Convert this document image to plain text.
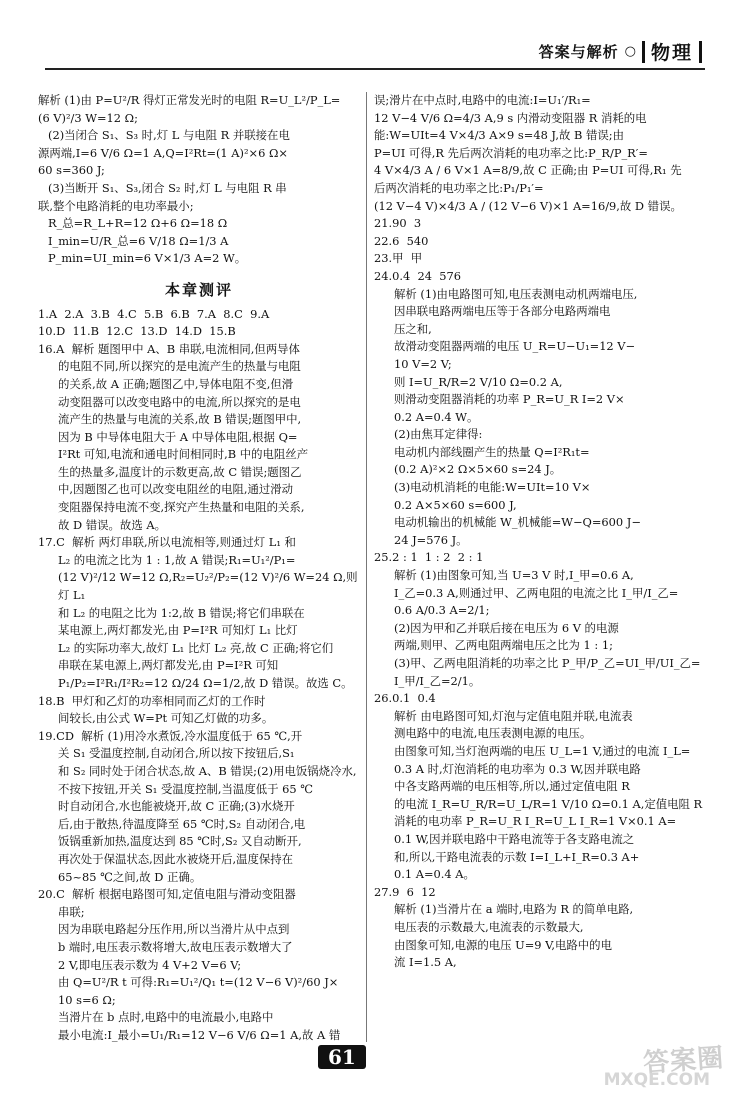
答案与解析 ○ 物理

解析 (1)由 P=U²/R 得灯正常发光时的电阻 R=U_L²/P_L=

(6 V)²/3 W=12 Ω;

(2)当闭合 S₁、S₃ 时,灯 L 与电阻 R 并联接在电

源两端,I=6 V/6 Ω=1 A,Q=I²Rt=(1 A)²×6 Ω×

60 s=360 J;

(3)当断开 S₁、S₃,闭合 S₂ 时,灯 L 与电阻 R 串

联,整个电路消耗的电功率最小;

R_总=R_L+R=12 Ω+6 Ω=18 Ω

I_min=U/R_总=6 V/18 Ω=1/3 A

P_min=UI_min=6 V×1/3 A=2 W。

本章测评

1.A  2.A  3.B  4.C  5.B  6.B  7.A  8.C  9.A

10.D  11.B  12.C  13.D  14.D  15.B

16.A  解析 题图甲中 A、B 串联,电流相同,但两导体

的电阻不同,所以探究的是电流产生的热量与电阻

的关系,故 A 正确;题图乙中,导体电阻不变,但滑

动变阻器可以改变电路中的电流,所以探究的是电

流产生的热量与电流的关系,故 B 错误;题图甲中,

因为 B 中导体电阻大于 A 中导体电阻,根据 Q=

I²Rt 可知,电流和通电时间相同时,B 中的电阻丝产

生的热量多,温度计的示数更高,故 C 错误;题图乙

中,因题图乙也可以改变电阻丝的电阻,通过滑动

变阻器保持电流不变,探究产生热量和电阻的关系,

故 D 错误。故选 A。

17.C  解析 两灯串联,所以电流相等,则通过灯 L₁ 和

L₂ 的电流之比为 1 : 1,故 A 错误;R₁=U₁²/P₁=

(12 V)²/12 W=12 Ω,R₂=U₂²/P₂=(12 V)²/6 W=24 Ω,则灯 L₁

和 L₂ 的电阻之比为 1:2,故 B 错误;将它们串联在

某电源上,两灯都发光,由 P=I²R 可知灯 L₁ 比灯

L₂ 的实际功率大,故灯 L₁ 比灯 L₂ 亮,故 C 正确;将它们

串联在某电源上,两灯都发光,由 P=I²R 可知

P₁/P₂=I²R₁/I²R₂=12 Ω/24 Ω=1/2,故 D 错误。故选 C。

18.B  甲灯和乙灯的功率相同而乙灯的工作时

间较长,由公式 W=Pt 可知乙灯做的功多。

19.CD  解析 (1)用冷水煮饭,冷水温度低于 65 ℃,开

关 S₁ 受温度控制,自动闭合,所以按下按钮后,S₁

和 S₂ 同时处于闭合状态,故 A、B 错误;(2)用电饭锅烧冷水,

不按下按钮,开关 S₁ 受温度控制,当温度低于 65 ℃

时自动闭合,水也能被烧开,故 C 正确;(3)水烧开

后,由于散热,待温度降至 65 ℃时,S₂ 自动闭合,电

饭锅重新加热,温度达到 85 ℃时,S₂ 又自动断开,

再次处于保温状态,因此水被烧开后,温度保持在

65~85 ℃之间,故 D 正确。

20.C  解析 根据电路图可知,定值电阻与滑动变阻器

串联;

因为串联电路起分压作用,所以当滑片从中点到

b 端时,电压表示数将增大,故电压表示数增大了

2 V,即电压表示数为 4 V+2 V=6 V;

由 Q=U²/R t 可得:R₁=U₁²/Q₁ t=(12 V−6 V)²/60 J×

10 s=6 Ω;

当滑片在 b 点时,电路中的电流最小,电路中

最小电流:I_最小=U₁/R₁=12 V−6 V/6 Ω=1 A,故 A 错

误;滑片在中点时,电路中的电流:I=U₁′/R₁=

12 V−4 V/6 Ω=4/3 A,9 s 内滑动变阻器 R 消耗的电

能:W=UIt=4 V×4/3 A×9 s=48 J,故 B 错误;由

P=UI 可得,R 先后两次消耗的电功率之比:P_R/P_R′=

4 V×4/3 A / 6 V×1 A=8/9,故 C 正确;由 P=UI 可得,R₁ 先

后两次消耗的电功率之比:P₁/P₁′=

(12 V−4 V)×4/3 A / (12 V−6 V)×1 A=16/9,故 D 错误。

21.90  3

22.6  540

23.甲  甲

24.0.4  24  576

解析 (1)由电路图可知,电压表测电动机两端电压,

因串联电路两端电压等于各部分电路两端电

压之和,

故滑动变阻器两端的电压 U_R=U−U₁=12 V−

10 V=2 V;

则 I=U_R/R=2 V/10 Ω=0.2 A,

则滑动变阻器消耗的功率 P_R=U_R I=2 V×

0.2 A=0.4 W。

(2)由焦耳定律得:

电动机内部线圈产生的热量 Q=I²R₁t=

(0.2 A)²×2 Ω×5×60 s=24 J。

(3)电动机消耗的电能:W=UIt=10 V×

0.2 A×5×60 s=600 J,

电动机输出的机械能 W_机械能=W−Q=600 J−

24 J=576 J。

25.2 : 1  1 : 2  2 : 1

解析 (1)由图象可知,当 U=3 V 时,I_甲=0.6 A,

I_乙=0.3 A,则通过甲、乙两电阻的电流之比 I_甲/I_乙=

0.6 A/0.3 A=2/1;

(2)因为甲和乙并联后接在电压为 6 V 的电源

两端,则甲、乙两电阻两端电压之比为 1 : 1;

(3)甲、乙两电阻消耗的功率之比 P_甲/P_乙=UI_甲/UI_乙=

I_甲/I_乙=2/1。

26.0.1  0.4

解析 由电路图可知,灯泡与定值电阻并联,电流表

测电路中的电流,电压表测电源的电压。

由图象可知,当灯泡两端的电压 U_L=1 V,通过的电流 I_L=

0.3 A 时,灯泡消耗的电功率为 0.3 W,因并联电路

中各支路两端的电压相等,所以,通过定值电阻 R

的电流 I_R=U_R/R=U_L/R=1 V/10 Ω=0.1 A,定值电阻 R

消耗的电功率 P_R=U_R I_R=U_L I_R=1 V×0.1 A=

0.1 W,因并联电路中干路电流等于各支路电流之

和,所以,干路电流表的示数 I=I_L+I_R=0.3 A+

0.1 A=0.4 A。

27.9  6  12

解析 (1)当滑片在 a 端时,电路为 R 的简单电路,

电压表的示数最大,电流表的示数最大,

由图象可知,电源的电压 U=9 V,电路中的电

流 I=1.5 A,

61	答案圈
MXQE.COM
